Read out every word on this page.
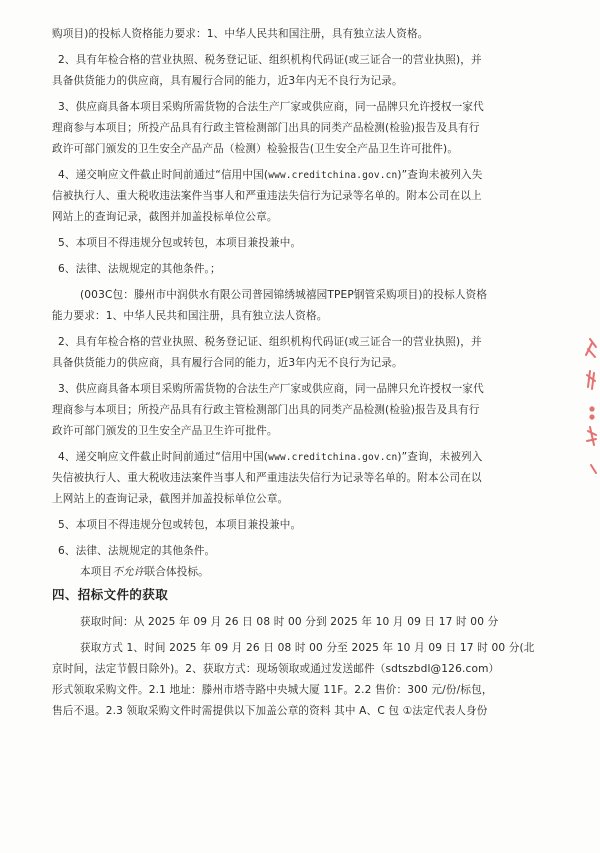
购项目)的投标人资格能力要求：1、中华人民共和国注册，具有独立法人资格。
2、具有年检合格的营业执照、税务登记证、组织机构代码证(或三证合一的营业执照)，并
具备供货能力的供应商，具有履行合同的能力，近3年内无不良行为记录。
3、供应商具备本项目采购所需货物的合法生产厂家或供应商，同一品牌只允许授权一家代
理商参与本项目；所投产品具有行政主管检测部门出具的同类产品检测(检验)报告及具有行
政许可部门颁发的卫生安全产品产品（检测）检验报告(卫生安全产品卫生许可批件)。
4、递交响应文件截止时间前通过“信用中国(www.creditchina.gov.cn)”查询未被列入失
信被执行人、重大税收违法案件当事人和严重违法失信行为记录等名单的。附本公司在以上
网站上的查询记录，截图并加盖投标单位公章。
5、本项目不得违规分包或转包，本项目兼投兼中。
6、法律、法规规定的其他条件。；
(003C包：滕州市中润供水有限公司普园锦绣城禧园TPEP钢管采购项目)的投标人资格
能力要求：1、中华人民共和国注册，具有独立法人资格。
2、具有年检合格的营业执照、税务登记证、组织机构代码证(或三证合一的营业执照)，并
具备供货能力的供应商，具有履行合同的能力，近3年内无不良行为记录。
3、供应商具备本项目采购所需货物的合法生产厂家或供应商，同一品牌只允许授权一家代
理商参与本项目；所投产品具有行政主管检测部门出具的同类产品检测(检验)报告及具有行
政许可部门颁发的卫生安全产品卫生许可批件。
4、递交响应文件截止时间前通过“信用中国(www.creditchina.gov.cn)”查询，未被列入
失信被执行人、重大税收违法案件当事人和严重违法失信行为记录等名单的。附本公司在以
上网站上的查询记录，截图并加盖投标单位公章。
5、本项目不得违规分包或转包，本项目兼投兼中。
6、法律、法规规定的其他条件。
本项目不允许联合体投标。
四、招标文件的获取
获取时间：从 2025 年 09 月 26 日 08 时 00 分到 2025 年 10 月 09 日 17 时 00 分
获取方式 1、时间 2025 年 09 月 26 日 08 时 00 分至 2025 年 10 月 09 日 17 时 00 分(北
京时间，法定节假日除外)。2、获取方式：现场领取或通过发送邮件（sdtszbdl@126.com）
形式领取采购文件。2.1 地址：滕州市塔寺路中央城大厦 11F。2.2 售价：300 元/份/标包，
售后不退。2.3 领取采购文件时需提供以下加盖公章的资料 其中 A、C 包 ①法定代表人身份
